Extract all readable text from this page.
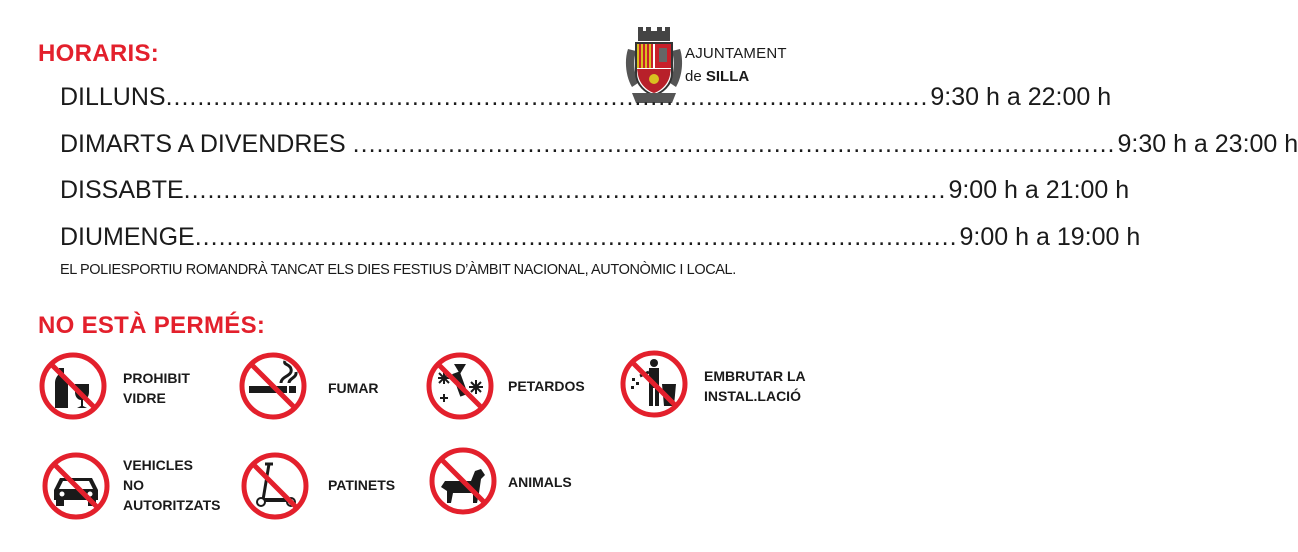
AJUNTAMENT
de SILLA
HORARIS:
DILLUNS ................................................................................................ 9:30 h a 22:00 h
DIMARTS A DIVENDRES ................................................................................................ 9:30 h a 23:00 h
DISSABTE ................................................................................................ 9:00 h a 21:00 h
DIUMENGE ................................................................................................ 9:00 h a 19:00 h

EL POLIESPORTIU ROMANDRÀ TANCAT ELS DIES FESTIUS D’ÀMBIT NACIONAL, AUTONÒMIC I LOCAL.

NO ESTÀ PERMÉS:
PROHIBIT
VIDRE
FUMAR	PETARDOS
EMBRUTAR LA
INSTAL.LACIÓ
VEHICLES
NO
AUTORITZATS
PATINETS	ANIMALS
